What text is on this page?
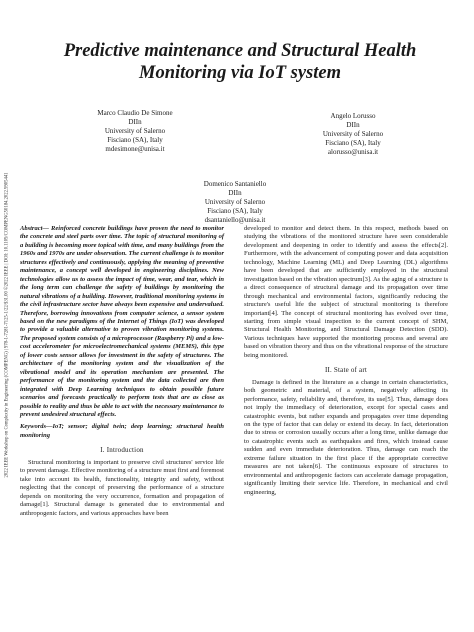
2022 IEEE Workshop on Complexity in Engineering (COMPENG) | 978-1-7281-7125-1/22/$31.00 ©2022 IEEE | DOI: 10.1109/COMPENG50184.2022.9905441
Predictive maintenance and Structural Health
Monitoring via IoT system
Marco Claudio De Simone
DIIn
University of Salerno
Fisciano (SA), Italy
mdesimone@unisa.it
Angelo Lorusso
DIIn
University of Salerno
Fisciano (SA), Italy
alorusso@unisa.it
Domenico Santaniello
DIIn
University of Salerno
Fisciano (SA), Italy
dsantaniello@unisa.it

Abstract— Reinforced concrete buildings have proven the need to monitor the concrete and steel parts over time. The topic of structural monitoring of a building is becoming more topical with time, and many buildings from the 1960s and 1970s are under observation. The current challenge is to monitor structures effectively and continuously, applying the meaning of preventive maintenance, a concept well developed in engineering disciplines. New technologies allow us to assess the impact of time, wear, and tear, which in the long term can challenge the safety of buildings by monitoring the natural vibrations of a building. However, traditional monitoring systems in the civil infrastructure sector have always been expensive and undervalued. Therefore, borrowing innovations from computer science, a sensor system based on the new paradigms of the Internet of Things (IoT) was developed to provide a valuable alternative to proven vibration monitoring systems. The proposed system consists of a microprocessor (Raspberry Pi) and a low-cost accelerometer for microelectromechanical systems (MEMS), this type of lower costs sensor allows for investment in the safety of structures. The architecture of the monitoring system and the visualization of the vibrational model and its operation mechanism are presented. The performance of the monitoring system and the data collected are then integrated with Deep Learning techniques to obtain possible future scenarios and forecasts practically to perform tests that are as close as possible to reality and thus be able to act with the necessary maintenance to prevent undesired structural effects.

Keywords—IoT; sensor; digital twin; deep learning; structural health monitoring

I. Introduction

Structural monitoring is important to preserve civil structures' service life to prevent damage. Effective monitoring of a structure must first and foremost take into account its health, functionality, integrity and safety, without neglecting that the concept of preserving the performance of a structure depends on monitoring the very occurrence, formation and propagation of damage[1]. Structural damage is generated due to environmental and anthropogenic factors, and various approaches have been

developed to monitor and detect them. In this respect, methods based on studying the vibrations of the monitored structure have seen considerable development and deepening in order to identify and assess the effects[2]. Furthermore, with the advancement of computing power and data acquisition technology, Machine Learning (ML) and Deep Learning (DL) algorithms have been developed that are sufficiently employed in the structural investigation based on the vibration spectrum[3]. As the aging of a structure is a direct consequence of structural damage and its propagation over time through mechanical and environmental factors, significantly reducing the structure's useful life the subject of structural monitoring is therefore important[4]. The concept of structural monitoring has evolved over time, starting from simple visual inspection to the current concept of SHM, Structural Health Monitoring, and Structural Damage Detection (SDD). Various techniques have supported the monitoring process and several are based on vibration theory and thus on the vibrational response of the structure being monitored.

II. State of art

Damage is defined in the literature as a change in certain characteristics, both geometric and material, of a system, negatively affecting its performance, safety, reliability and, therefore, its use[5]. Thus, damage does not imply the immediacy of deterioration, except for special cases and catastrophic events, but rather expands and propagates over time depending on the type of factor that can delay or extend its decay. In fact, deterioration due to stress or corrosion usually occurs after a long time, unlike damage due to catastrophic events such as earthquakes and fires, which instead cause sudden and even immediate deterioration. Thus, damage can reach the extreme failure situation in the first place if the appropriate corrective measures are not taken[6]. The continuous exposure of structures to environmental and anthropogenic factors can accelerate damage propagation, significantly limiting their service life. Therefore, in mechanical and civil engineering,
